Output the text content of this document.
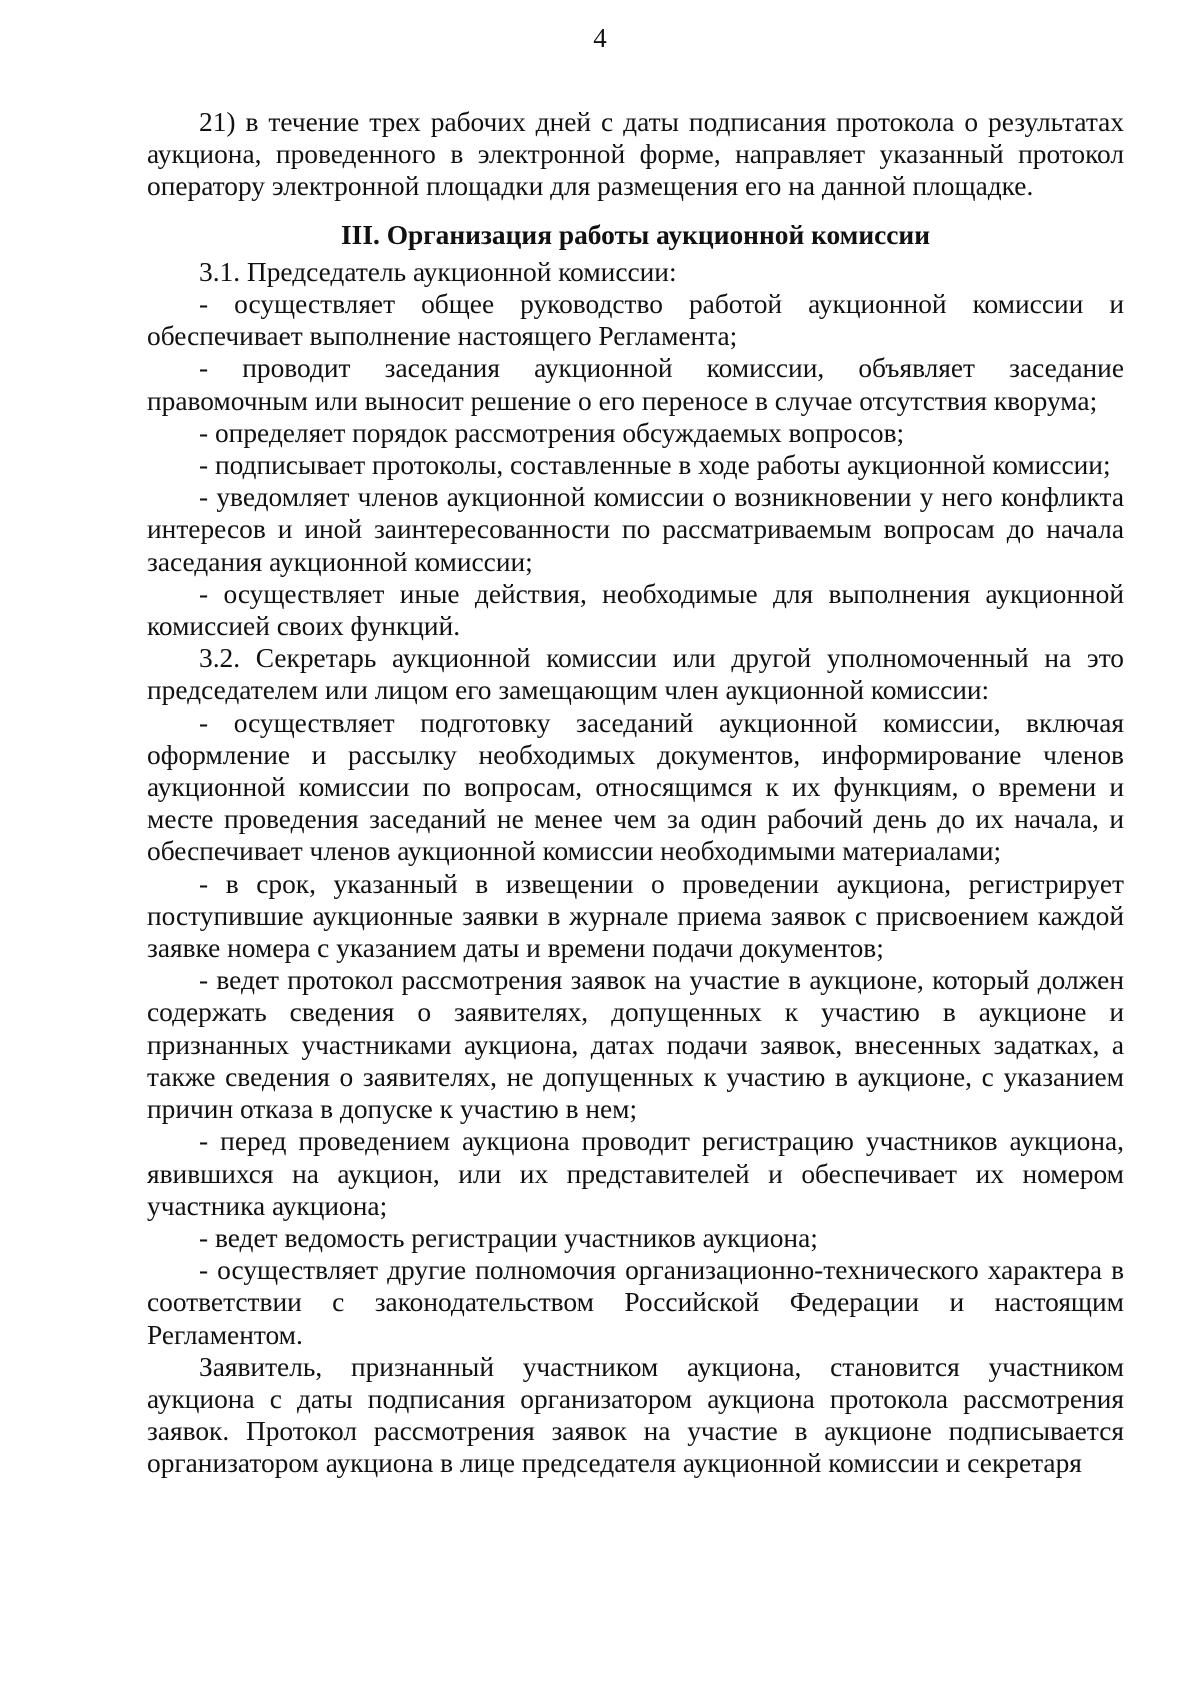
4

21) в течение трех рабочих дней с даты подписания протокола о результатах аукциона, проведенного в электронной форме, направляет указанный протокол оператору электронной площадки для размещения его на данной площадке.

III. Организация работы аукционной комиссии

3.1. Председатель аукционной комиссии:

- осуществляет общее руководство работой аукционной комиссии и обеспечивает выполнение настоящего Регламента;

- проводит заседания аукционной комиссии, объявляет заседание правомочным или выносит решение о его переносе в случае отсутствия кворума;

- определяет порядок рассмотрения обсуждаемых вопросов;

- подписывает протоколы, составленные в ходе работы аукционной комиссии;

- уведомляет членов аукционной комиссии о возникновении у него конфликта интересов и иной заинтересованности по рассматриваемым вопросам до начала заседания аукционной комиссии;

- осуществляет иные действия, необходимые для выполнения аукционной комиссией своих функций.

3.2. Секретарь аукционной комиссии или другой уполномоченный на это председателем или лицом его замещающим член аукционной комиссии:

- осуществляет подготовку заседаний аукционной комиссии, включая оформление и рассылку необходимых документов, информирование членов аукционной комиссии по вопросам, относящимся к их функциям, о времени и месте проведения заседаний не менее чем за один рабочий день до их начала, и обеспечивает членов аукционной комиссии необходимыми материалами;

- в срок, указанный в извещении о проведении аукциона, регистрирует поступившие аукционные заявки в журнале приема заявок с присвоением каждой заявке номера с указанием даты и времени подачи документов;

- ведет протокол рассмотрения заявок на участие в аукционе, который должен содержать сведения о заявителях, допущенных к участию в аукционе и признанных участниками аукциона, датах подачи заявок, внесенных задатках, а также сведения о заявителях, не допущенных к участию в аукционе, с указанием причин отказа в допуске к участию в нем;

- перед проведением аукциона проводит регистрацию участников аукциона, явившихся на аукцион, или их представителей и обеспечивает их номером участника аукциона;

- ведет ведомость регистрации участников аукциона;

- осуществляет другие полномочия организационно-технического характера в соответствии с законодательством Российской Федерации и настоящим Регламентом.

Заявитель, признанный участником аукциона, становится участником аукциона с даты подписания организатором аукциона протокола рассмотрения заявок. Протокол рассмотрения заявок на участие в аукционе подписывается организатором аукциона в лице председателя аукционной комиссии и секретаря
